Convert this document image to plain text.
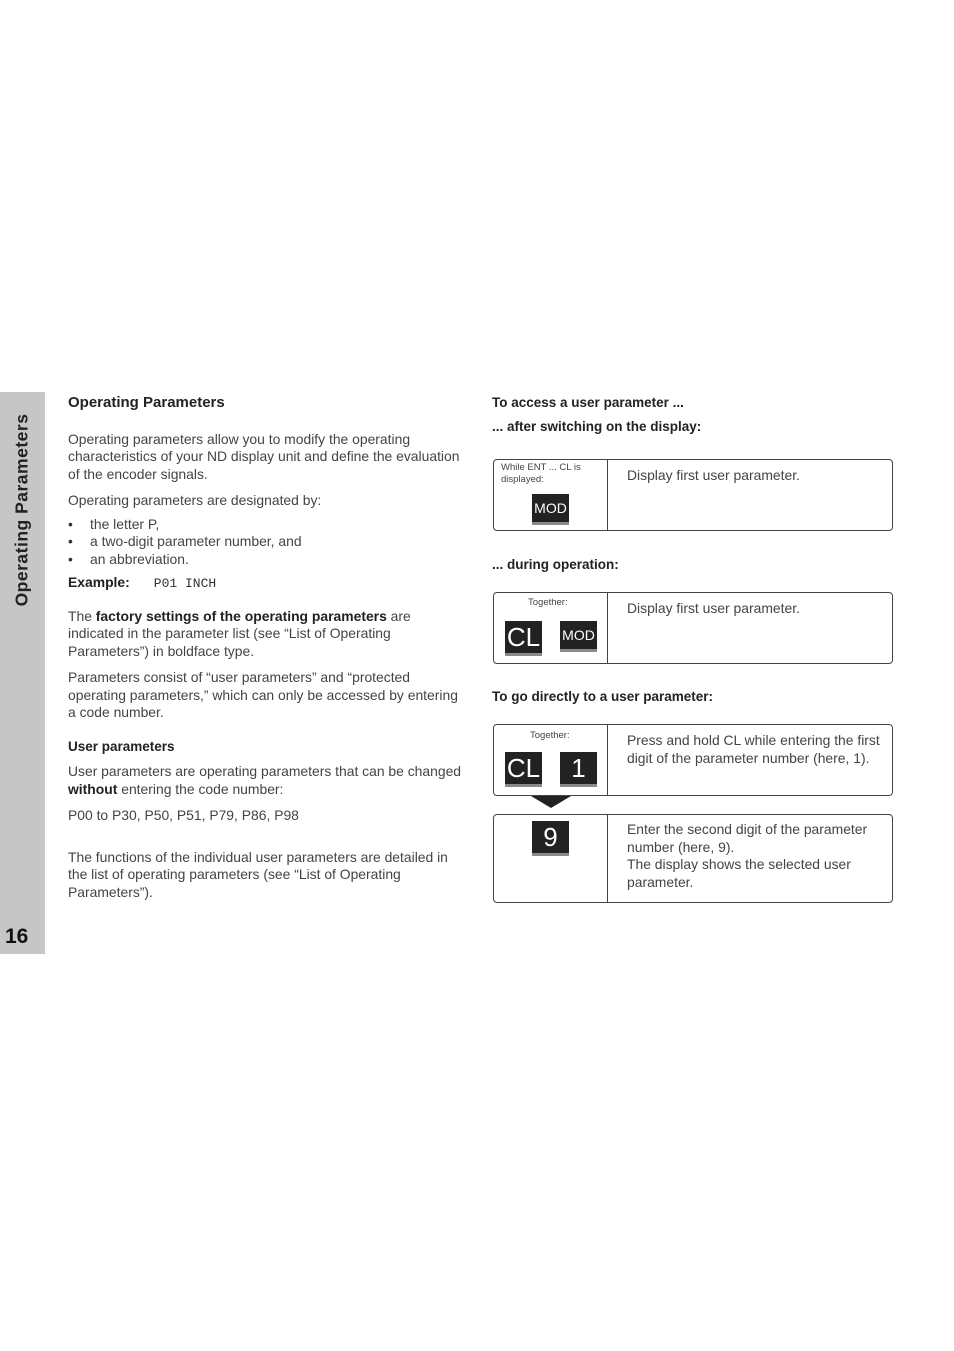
Operating Parameters
16
Operating Parameters

Operating parameters allow you to modify the operating characteristics of your ND display unit and define the evaluation of the encoder signals.

Operating parameters are designated by:

• the letter P,
• a two-digit parameter number, and
• an abbreviation.
Example: P01 INCH

The factory settings of the operating parameters are indicated in the parameter list (see “List of Operating Parameters”) in boldface type.

Parameters consist of “user parameters” and “protected operating parameters,” which can only be accessed by entering a code number.

User parameters

User parameters are operating parameters that can be changed without entering the code number:

P00 to P30, P50, P51, P79, P86, P98

The functions of the individual user parameters are detailed in the list of operating parameters (see “List of Operating Parameters”).

To access a user parameter ...
... after switching on the display:
While ENT ... CL is displayed:
MOD
Display first user parameter.
... during operation:
Together:
CL MOD
Display first user parameter.
To go directly to a user parameter:
Together:
CL	1
Press and hold CL while entering the first digit of the parameter number (here, 1).
9	Enter the second digit of the parameter number (here, 9).
The display shows the selected user parameter.
